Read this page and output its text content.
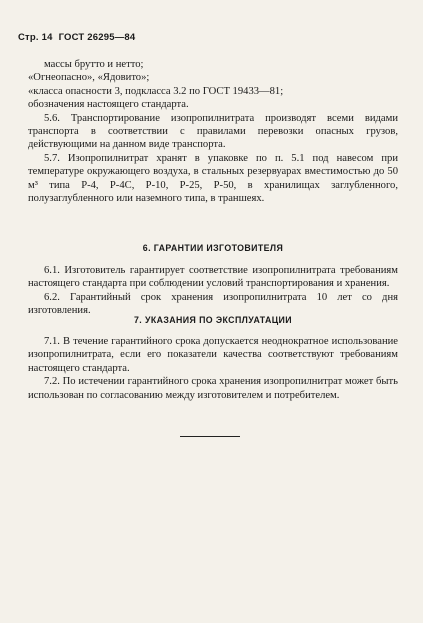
Стр. 14 ГОСТ 26295—84

массы брутто и нетто;

«Огнеопасно», «Ядовито»;

«класса опасности 3, подкласса 3.2 по ГОСТ 19433—81;

обозначения настоящего стандарта.

5.6. Транспортирование изопропилнитрата производят всеми видами транспорта в соответствии с правилами перевозки опасных грузов, действующими на данном виде транспорта.

5.7. Изопропилнитрат хранят в упаковке по п. 5.1 под навесом при температуре окружающего воздуха, в стальных резервуарах вместимостью до 50 м³ типа Р-4, Р-4С, Р-10, Р-25, Р-50, в хранилищах заглубленного, полузаглубленного или наземного типа, в траншеях.

6. ГАРАНТИИ ИЗГОТОВИТЕЛЯ

6.1. Изготовитель гарантирует соответствие изопропилнитрата требованиям настоящего стандарта при соблюдении условий транспортирования и хранения.

6.2. Гарантийный срок хранения изопропилнитрата 10 лет со дня изготовления.

7. УКАЗАНИЯ ПО ЭКСПЛУАТАЦИИ

7.1. В течение гарантийного срока допускается неоднократное использование изопропилнитрата, если его показатели качества соответствуют требованиям настоящего стандарта.

7.2. По истечении гарантийного срока хранения изопропилнитрат может быть использован по согласованию между изготовителем и потребителем.
